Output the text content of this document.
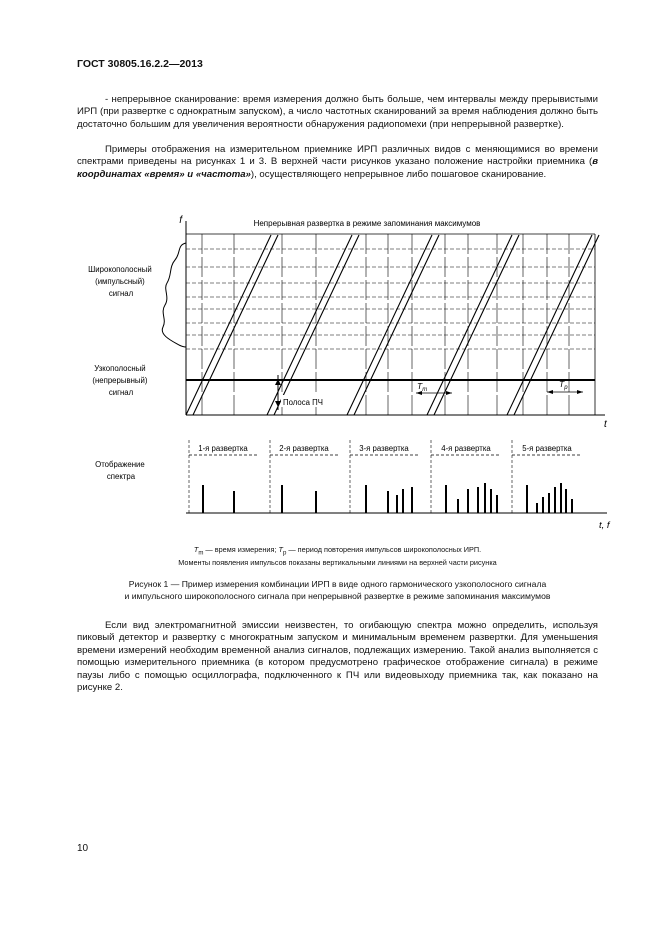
ГОСТ 30805.16.2.2—2013

- непрерывное сканирование: время измерения должно быть больше, чем интервалы между прерывистыми ИРП (при развертке с однократным запуском), а число частотных сканирований за время наблюдения должно быть достаточно большим для увеличения вероятности обнаружения радиопомехи (при непрерывной развертке).

Примеры отображения на измерительном приемнике ИРП различных видов с меняющимися во времени спектрами приведены на рисунках 1 и 3. В верхней части рисунков указано положение настройки приемника (в координатах «время» и «частота»), осуществляющего непрерывное либо пошаговое сканирование.

f
t
Непрерывная развертка в режиме запоминания максимумов
Широкополосный (импульсный) сигнал
Узкополосный (непрерывный) сигнал
Полоса ПЧ
$T_m$
$T_p$
1-я развертка	2-я развертка	3-я развертка	4-я развертка	5-я развертка
t, f
Отображение спектра
$T_m$ — время измерения; $T_p$ — период повторения импульсов широкополосных ИРП.
Моменты появления импульсов показаны вертикальными линиями на верхней части рисунка
Рисунок 1 — Пример измерения комбинации ИРП в виде одного гармонического узкополосного сигнала
и импульсного широкополосного сигнала при непрерывной развертке в режиме запоминания максимумов

Если вид электромагнитной эмиссии неизвестен, то огибающую спектра можно определить, используя пиковый детектор и развертку с многократным запуском и минимальным временем развертки. Для уменьшения времени измерений необходим временной анализ сигналов, подлежащих измерению. Такой анализ выполняется с помощью измерительного приемника (в котором предусмотрено графическое отображение сигнала) в режиме паузы либо с помощью осциллографа, подключенного к ПЧ или видеовыходу приемника так, как показано на рисунке 2.

10
